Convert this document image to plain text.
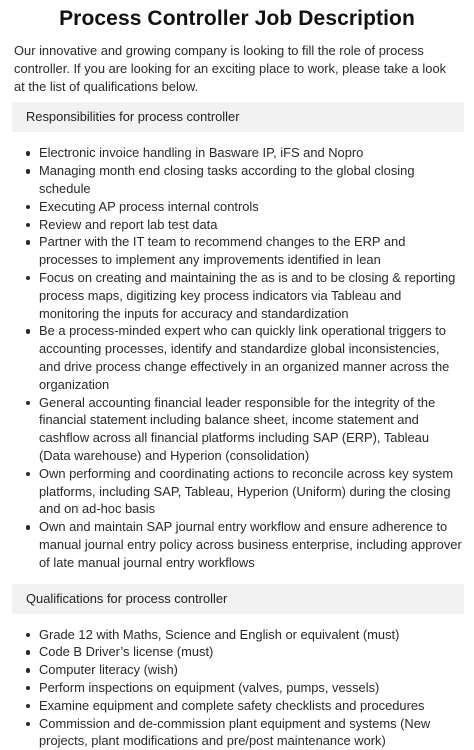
Process Controller Job Description

Our innovative and growing company is looking to fill the role of process controller. If you are looking for an exciting place to work, please take a look at the list of qualifications below.

Responsibilities for process controller
Electronic invoice handling in Basware IP, iFS and Nopro
Managing month end closing tasks according to the global closing schedule
Executing AP process internal controls
Review and report lab test data
Partner with the IT team to recommend changes to the ERP and processes to implement any improvements identified in lean
Focus on creating and maintaining the as is and to be closing & reporting process maps, digitizing key process indicators via Tableau and monitoring the inputs for accuracy and standardization
Be a process-minded expert who can quickly link operational triggers to accounting processes, identify and standardize global inconsistencies, and drive process change effectively in an organized manner across the organization
General accounting financial leader responsible for the integrity of the financial statement including balance sheet, income statement and cashflow across all financial platforms including SAP (ERP), Tableau (Data warehouse) and Hyperion (consolidation)
Own performing and coordinating actions to reconcile across key system platforms, including SAP, Tableau, Hyperion (Uniform) during the closing and on ad-hoc basis
Own and maintain SAP journal entry workflow and ensure adherence to manual journal entry policy across business enterprise, including approver of late manual journal entry workflows
Qualifications for process controller
Grade 12 with Maths, Science and English or equivalent (must)
Code B Driver’s license (must)
Computer literacy (wish)
Perform inspections on equipment (valves, pumps, vessels)
Examine equipment and complete safety checklists and procedures
Commission and de-commission plant equipment and systems (New projects, plant modifications and pre/post maintenance work)
